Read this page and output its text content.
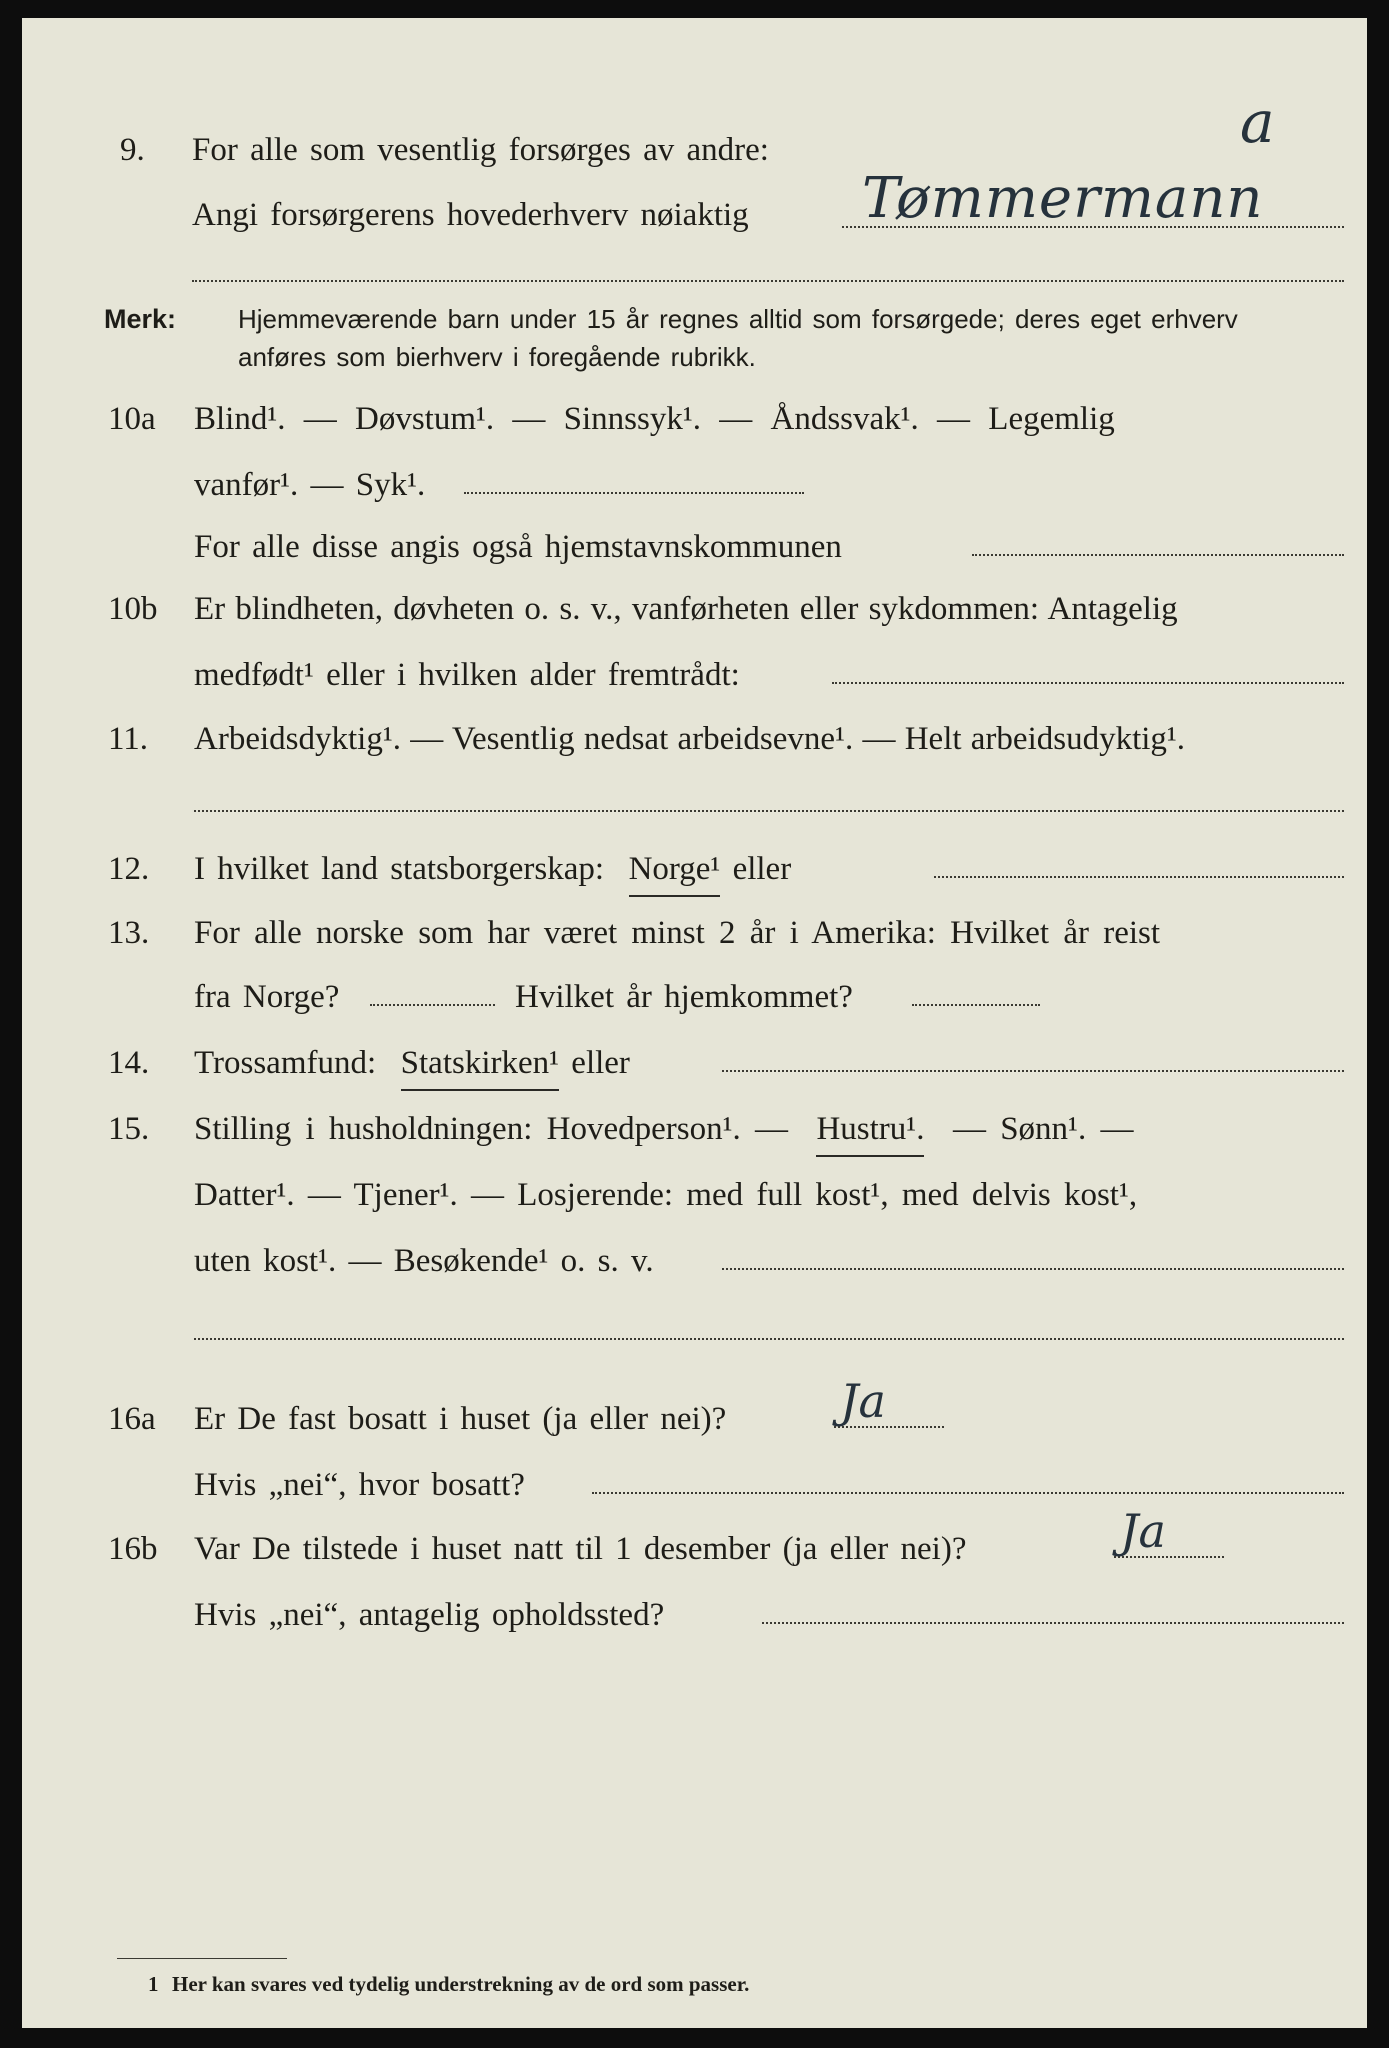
a
9. For alle som vesentlig forsørges av andre:
Angi forsørgerens hovederhverv nøiaktig Tømmermann
Merk: Hjemmeværende barn under 15 år regnes alltid som forsørgede; deres eget erhverv
anføres som bierhverv i foregående rubrikk.
10a Blind¹. — Døvstum¹. — Sinnssyk¹. — Åndssvak¹. — Legemlig
vanfør¹. — Syk¹.
For alle disse angis også hjemstavnskommunen
10b Er blindheten, døvheten o. s. v., vanførheten eller sykdommen: Antagelig
medfødt¹ eller i hvilken alder fremtrådt:
11. Arbeidsdyktig¹. — Vesentlig nedsat arbeidsevne¹. — Helt arbeidsudyktig¹.
12. I hvilket land statsborgerskap:
Norge¹
eller
13. For alle norske som har været minst 2 år i Amerika: Hvilket år reist
fra Norge?	Hvilket år hjemkommet?
14. Trossamfund:
Statskirken¹
eller
15. Stilling i husholdningen: Hovedperson¹. —
Hustru¹.
— Sønn¹. —
Datter¹. — Tjener¹. — Losjerende: med full kost¹, med delvis kost¹,
uten kost¹. — Besøkende¹ o. s. v.
16a Er De fast bosatt i huset (ja eller nei)? Ja
Hvis „nei“, hvor bosatt?
16b Var De tilstede i huset natt til 1 desember (ja eller nei)?	Ja
Hvis „nei“, antagelig opholdssted?
1 Her kan svares ved tydelig understrekning av de ord som passer.
